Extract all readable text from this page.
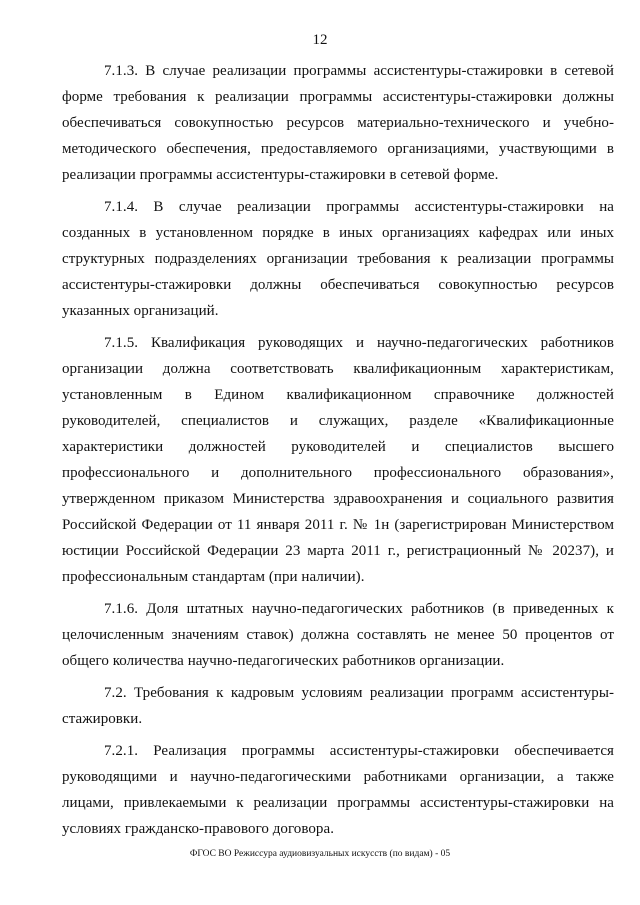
12

7.1.3. В случае реализации программы ассистентуры-стажировки в сетевой форме требования к реализации программы ассистентуры-стажировки должны обеспечиваться совокупностью ресурсов материально-технического и учебно-методического обеспечения, предоставляемого организациями, участвующими в реализации программы ассистентуры-стажировки в сетевой форме.

7.1.4. В случае реализации программы ассистентуры-стажировки на созданных в установленном порядке в иных организациях кафедрах или иных структурных подразделениях организации требования к реализации программы ассистентуры-стажировки должны обеспечиваться совокупностью ресурсов указанных организаций.

7.1.5. Квалификация руководящих и научно-педагогических работников организации должна соответствовать квалификационным характеристикам, установленным в Едином квалификационном справочнике должностей руководителей, специалистов и служащих, разделе «Квалификационные характеристики должностей руководителей и специалистов высшего профессионального и дополнительного профессионального образования», утвержденном приказом Министерства здравоохранения и социального развития Российской Федерации от 11 января 2011 г. № 1н (зарегистрирован Министерством юстиции Российской Федерации 23 марта 2011 г., регистрационный № 20237), и профессиональным стандартам (при наличии).

7.1.6. Доля штатных научно-педагогических работников (в приведенных к целочисленным значениям ставок) должна составлять не менее 50 процентов от общего количества научно-педагогических работников организации.

7.2. Требования к кадровым условиям реализации программ ассистентуры-стажировки.

7.2.1. Реализация программы ассистентуры-стажировки обеспечивается руководящими и научно-педагогическими работниками организации, а также лицами, привлекаемыми к реализации программы ассистентуры-стажировки на условиях гражданско-правового договора.

ФГОС ВО Режиссура аудиовизуальных искусств (по видам) - 05
